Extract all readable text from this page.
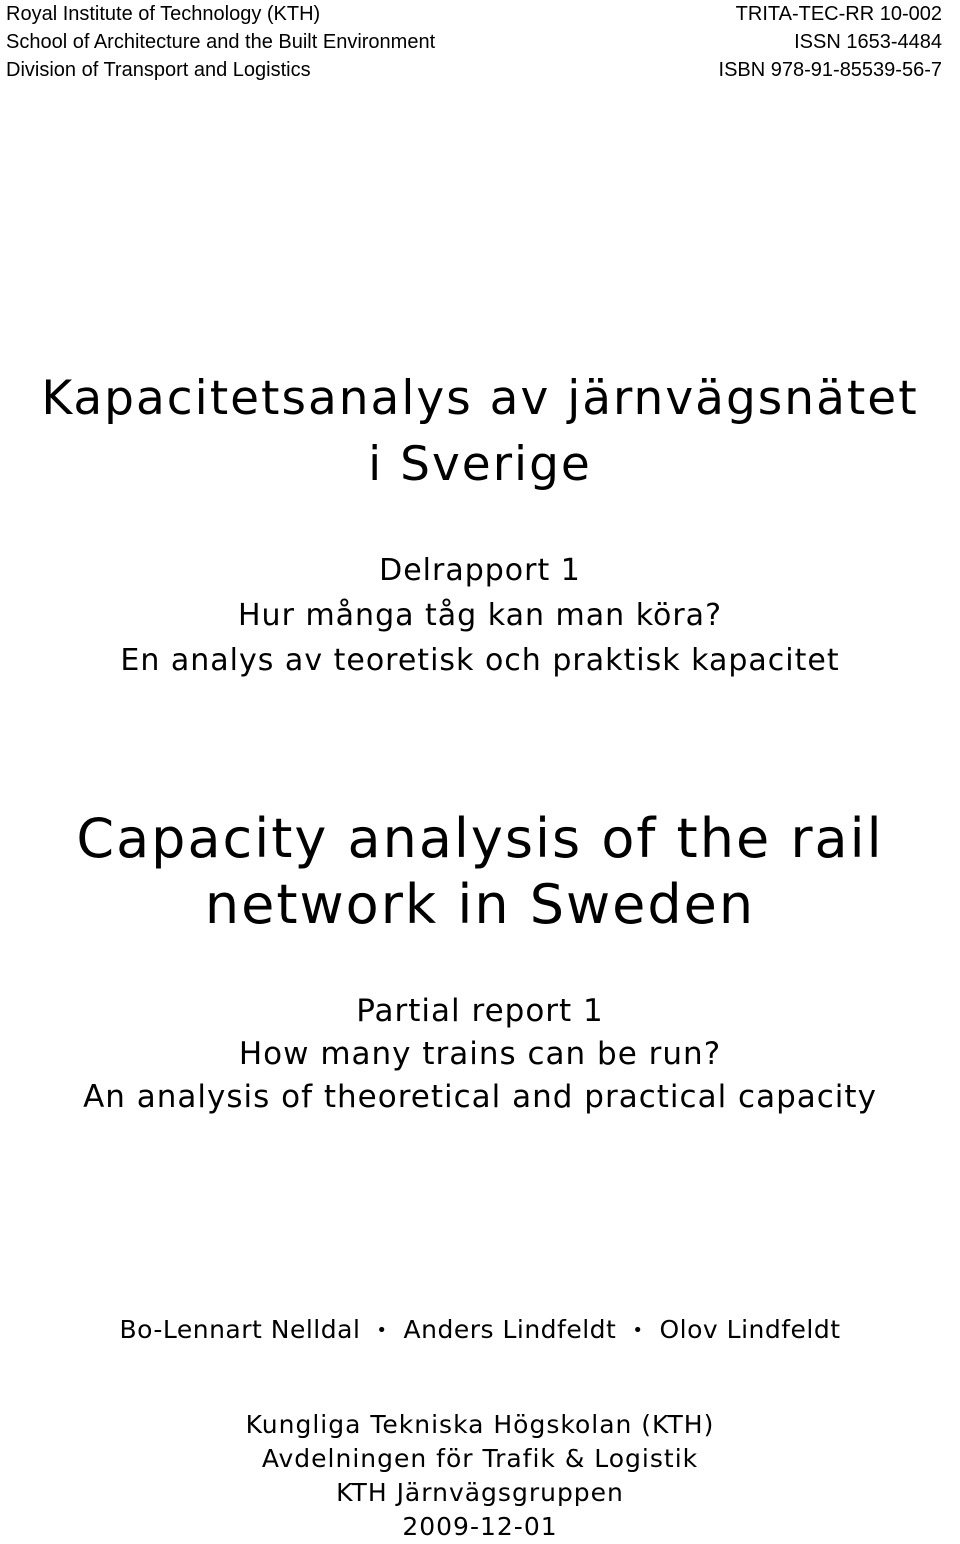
Royal Institute of Technology (KTH)
School of Architecture and the Built Environment
Division of Transport and Logistics
TRITA-TEC-RR 10-002
ISSN 1653-4484
ISBN 978-91-85539-56-7
Kapacitetsanalys av järnvägsnätet
i Sverige
Delrapport 1
Hur många tåg kan man köra?
En analys av teoretisk och praktisk kapacitet
Capacity analysis of the rail
network in Sweden
Partial report 1
How many trains can be run?
An analysis of theoretical and practical capacity
Bo-Lennart Nelldal • Anders Lindfeldt • Olov Lindfeldt
Kungliga Tekniska Högskolan (KTH)
Avdelningen för Trafik & Logistik
KTH Järnvägsgruppen
2009-12-01
